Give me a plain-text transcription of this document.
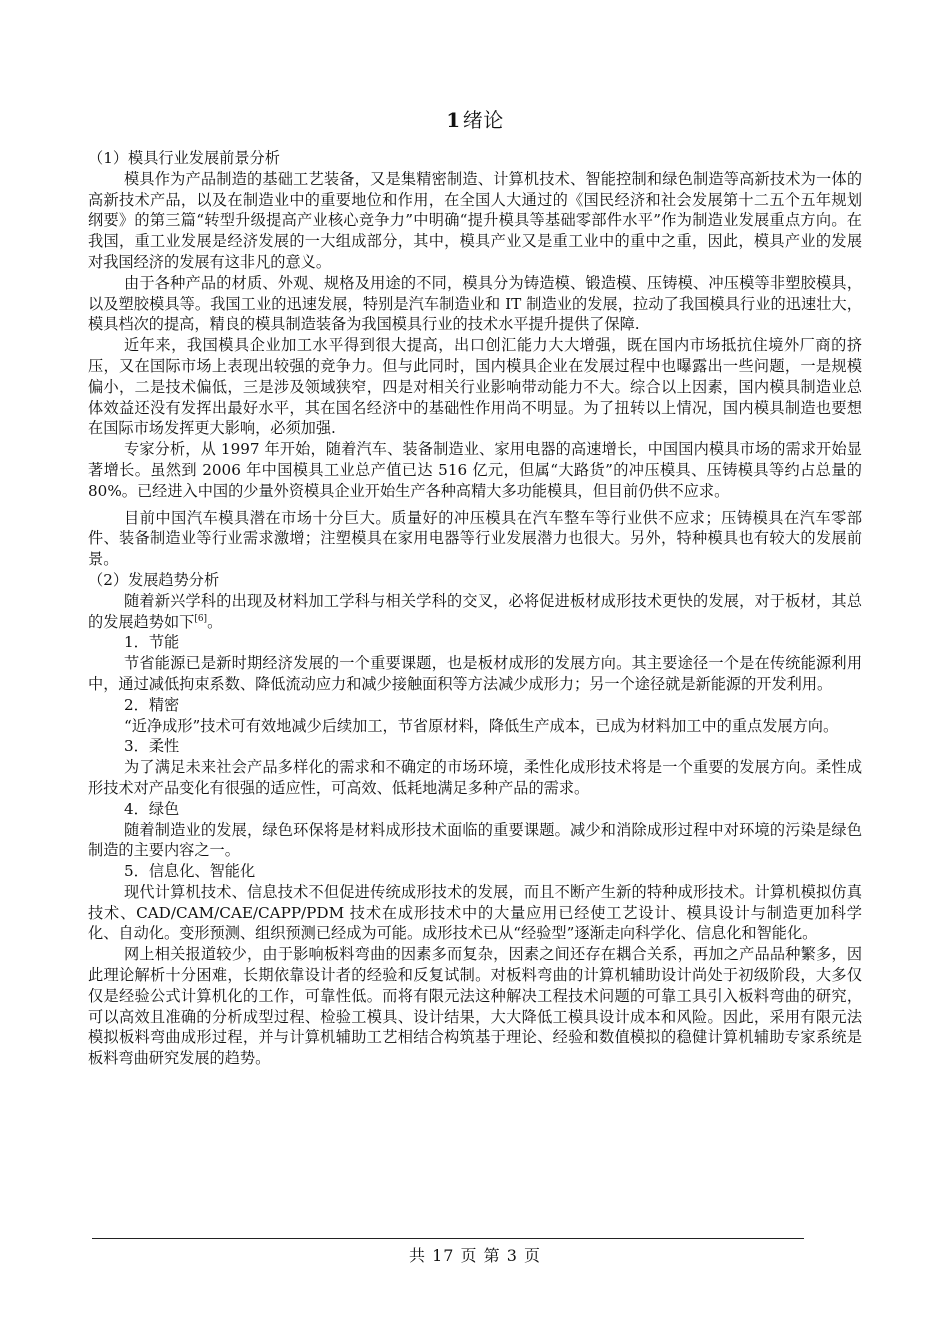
1 绪论

（1）模具行业发展前景分析

模具作为产品制造的基础工艺装备，又是集精密制造、计算机技术、智能控制和绿色制造等高新技术为一体的高新技术产品，以及在制造业中的重要地位和作用，在全国人大通过的《国民经济和社会发展第十二五个五年规划纲要》的第三篇“转型升级提高产业核心竞争力”中明确“提升模具等基础零部件水平”作为制造业发展重点方向。在我国，重工业发展是经济发展的一大组成部分，其中，模具产业又是重工业中的重中之重，因此，模具产业的发展对我国经济的发展有这非凡的意义。

由于各种产品的材质、外观、规格及用途的不同，模具分为铸造模、锻造模、压铸模、冲压模等非塑胶模具，以及塑胶模具等。我国工业的迅速发展，特别是汽车制造业和 IT 制造业的发展，拉动了我国模具行业的迅速壮大，模具档次的提高，精良的模具制造装备为我国模具行业的技术水平提升提供了保障.

近年来，我国模具企业加工水平得到很大提高，出口创汇能力大大增强，既在国内市场抵抗住境外厂商的挤压，又在国际市场上表现出较强的竞争力。但与此同时，国内模具企业在发展过程中也曝露出一些问题，一是规模偏小，二是技术偏低，三是涉及领域狭窄，四是对相关行业影响带动能力不大。综合以上因素，国内模具制造业总体效益还没有发挥出最好水平，其在国名经济中的基础性作用尚不明显。为了扭转以上情况，国内模具制造也要想在国际市场发挥更大影响，必须加强.

专家分析，从 1997 年开始，随着汽车、装备制造业、家用电器的高速增长，中国国内模具市场的需求开始显著增长。虽然到 2006 年中国模具工业总产值已达 516 亿元，但属“大路货”的冲压模具、压铸模具等约占总量的 80%。已经进入中国的少量外资模具企业开始生产各种高精大多功能模具，但目前仍供不应求。

目前中国汽车模具潜在市场十分巨大。质量好的冲压模具在汽车整车等行业供不应求；压铸模具在汽车零部件、装备制造业等行业需求激增；注塑模具在家用电器等行业发展潜力也很大。另外，特种模具也有较大的发展前景。

（2）发展趋势分析

随着新兴学科的出现及材料加工学科与相关学科的交叉，必将促进板材成形技术更快的发展，对于板材，其总的发展趋势如下[6]。

1．节能

节省能源已是新时期经济发展的一个重要课题，也是板材成形的发展方向。其主要途径一个是在传统能源利用中，通过减低拘束系数、降低流动应力和减少接触面积等方法减少成形力；另一个途径就是新能源的开发利用。

2．精密

“近净成形”技术可有效地减少后续加工，节省原材料，降低生产成本，已成为材料加工中的重点发展方向。

3．柔性

为了满足未来社会产品多样化的需求和不确定的市场环境，柔性化成形技术将是一个重要的发展方向。柔性成形技术对产品变化有很强的适应性，可高效、低耗地满足多种产品的需求。

4．绿色

随着制造业的发展，绿色环保将是材料成形技术面临的重要课题。减少和消除成形过程中对环境的污染是绿色制造的主要内容之一。

5．信息化、智能化

现代计算机技术、信息技术不但促进传统成形技术的发展，而且不断产生新的特种成形技术。计算机模拟仿真技术、CAD/CAM/CAE/CAPP/PDM 技术在成形技术中的大量应用已经使工艺设计、模具设计与制造更加科学化、自动化。变形预测、组织预测已经成为可能。成形技术已从“经验型”逐渐走向科学化、信息化和智能化。

网上相关报道较少，由于影响板料弯曲的因素多而复杂，因素之间还存在耦合关系，再加之产品品种繁多，因此理论解析十分困难，长期依靠设计者的经验和反复试制。对板料弯曲的计算机辅助设计尚处于初级阶段，大多仅仅是经验公式计算机化的工作，可靠性低。而将有限元法这种解决工程技术问题的可靠工具引入板料弯曲的研究，可以高效且准确的分析成型过程、检验工模具、设计结果，大大降低工模具设计成本和风险。因此，采用有限元法模拟板料弯曲成形过程，并与计算机辅助工艺相结合构筑基于理论、经验和数值模拟的稳健计算机辅助专家系统是板料弯曲研究发展的趋势。

共 17 页 第 3 页
